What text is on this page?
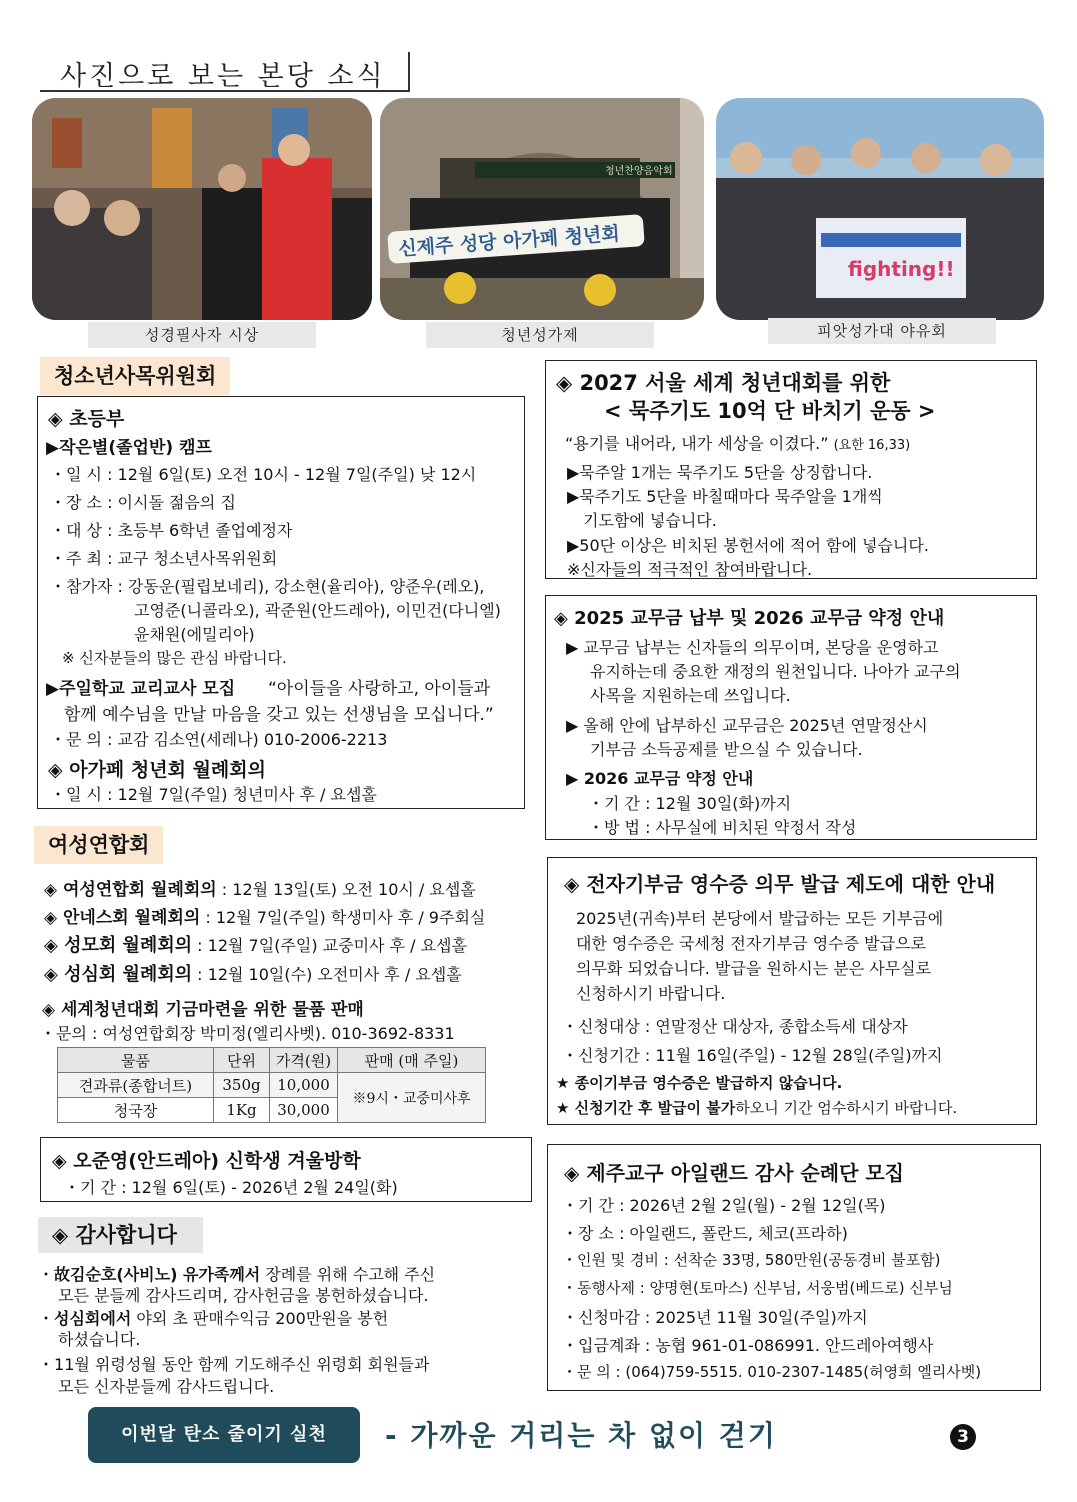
사진으로 보는 본당 소식
청년찬양음악회
신제주 성당 아가페 청년회
fighting!!
성경필사자 시상	청년성가제	피앗성가대 야유회
청소년사목위원회
◈ 초등부
▶작은별(졸업반) 캠프
・일 시 : 12월 6일(토) 오전 10시 - 12월 7일(주일) 낮 12시
・장 소 : 이시돌 젊음의 집
・대 상 : 초등부 6학년 졸업예정자
・주 최 : 교구 청소년사목위원회
・참가자 : 강동운(필립보네리), 강소현(율리아), 양준우(레오),
고영준(니콜라오), 곽준원(안드레아), 이민건(다니엘)
윤채원(에밀리아)
※ 신자분들의 많은 관심 바랍니다.
▶주일학교 교리교사 모집 “아이들을 사랑하고, 아이들과
함께 예수님을 만날 마음을 갖고 있는 선생님을 모십니다.”
・문 의 : 교감 김소연(세레나) 010-2006-2213
◈ 아가페 청년회 월례회의
・일 시 : 12월 7일(주일) 청년미사 후 / 요셉홀
여성연합회
◈ 여성연합회 월례회의 : 12월 13일(토) 오전 10시 / 요셉홀
◈ 안네스회 월례회의 : 12월 7일(주일) 학생미사 후 / 9주회실
◈ 성모회 월례회의 : 12월 7일(주일) 교중미사 후 / 요셉홀
◈ 성심회 월례회의 : 12월 10일(수) 오전미사 후 / 요셉홀
◈ 세계청년대회 기금마련을 위한 물품 판매
・문의 : 여성연합회장 박미정(엘리사벳). 010-3692-8331
물품	단위	가격(원)	판매 (매 주일)
견과류(종합너트)	350g	10,000	※9시・교중미사후
청국장	1Kg	30,000	
◈ 오준영(안드레아) 신학생 겨울방학
・기 간 : 12월 6일(토) - 2026년 2월 24일(화)
◈ 감사합니다
・故김순호(사비노) 유가족께서 장례를 위해 수고해 주신
모든 분들께 감사드리며, 감사헌금을 봉헌하셨습니다.
・성심회에서 야외 초 판매수익금 200만원을 봉헌
하셨습니다.
・11월 위령성월 동안 함께 기도해주신 위령회 회원들과
모든 신자분들께 감사드립니다.
◈ 2027 서울 세계 청년대회를 위한
< 묵주기도 10억 단 바치기 운동 >
“용기를 내어라, 내가 세상을 이겼다.” (요한 16,33)
▶묵주알 1개는 묵주기도 5단을 상징합니다.
▶묵주기도 5단을 바칠때마다 묵주알을 1개씩
기도함에 넣습니다.
▶50단 이상은 비치된 봉헌서에 적어 함에 넣습니다.
※신자들의 적극적인 참여바랍니다.
◈ 2025 교무금 납부 및 2026 교무금 약정 안내
▶ 교무금 납부는 신자들의 의무이며, 본당을 운영하고
유지하는데 중요한 재정의 원천입니다. 나아가 교구의
사목을 지원하는데 쓰입니다.
▶ 올해 안에 납부하신 교무금은 2025년 연말정산시
기부금 소득공제를 받으실 수 있습니다.
▶ 2026 교무금 약정 안내
・기 간 : 12월 30일(화)까지
・방 법 : 사무실에 비치된 약정서 작성
◈ 전자기부금 영수증 의무 발급 제도에 대한 안내
2025년(귀속)부터 본당에서 발급하는 모든 기부금에
대한 영수증은 국세청 전자기부금 영수증 발급으로
의무화 되었습니다. 발급을 원하시는 분은 사무실로
신청하시기 바랍니다.
・신청대상 : 연말정산 대상자, 종합소득세 대상자
・신청기간 : 11월 16일(주일) - 12월 28일(주일)까지
★ 종이기부금 영수증은 발급하지 않습니다.
★ 신청기간 후 발급이 불가하오니 기간 엄수하시기 바랍니다.
◈ 제주교구 아일랜드 감사 순례단 모집
・기 간 : 2026년 2월 2일(월) - 2월 12일(목)
・장 소 : 아일랜드, 폴란드, 체코(프라하)
・인원 및 경비 : 선착순 33명, 580만원(공동경비 불포함)
・동행사제 : 양명현(토마스) 신부님, 서웅범(베드로) 신부님
・신청마감 : 2025년 11월 30일(주일)까지
・입금계좌 : 농협 961-01-086991. 안드레아여행사
・문 의 : (064)759-5515. 010-2307-1485(허영희 엘리사벳)
이번달 탄소 줄이기 실천	- 가까운 거리는 차 없이 걷기	3
